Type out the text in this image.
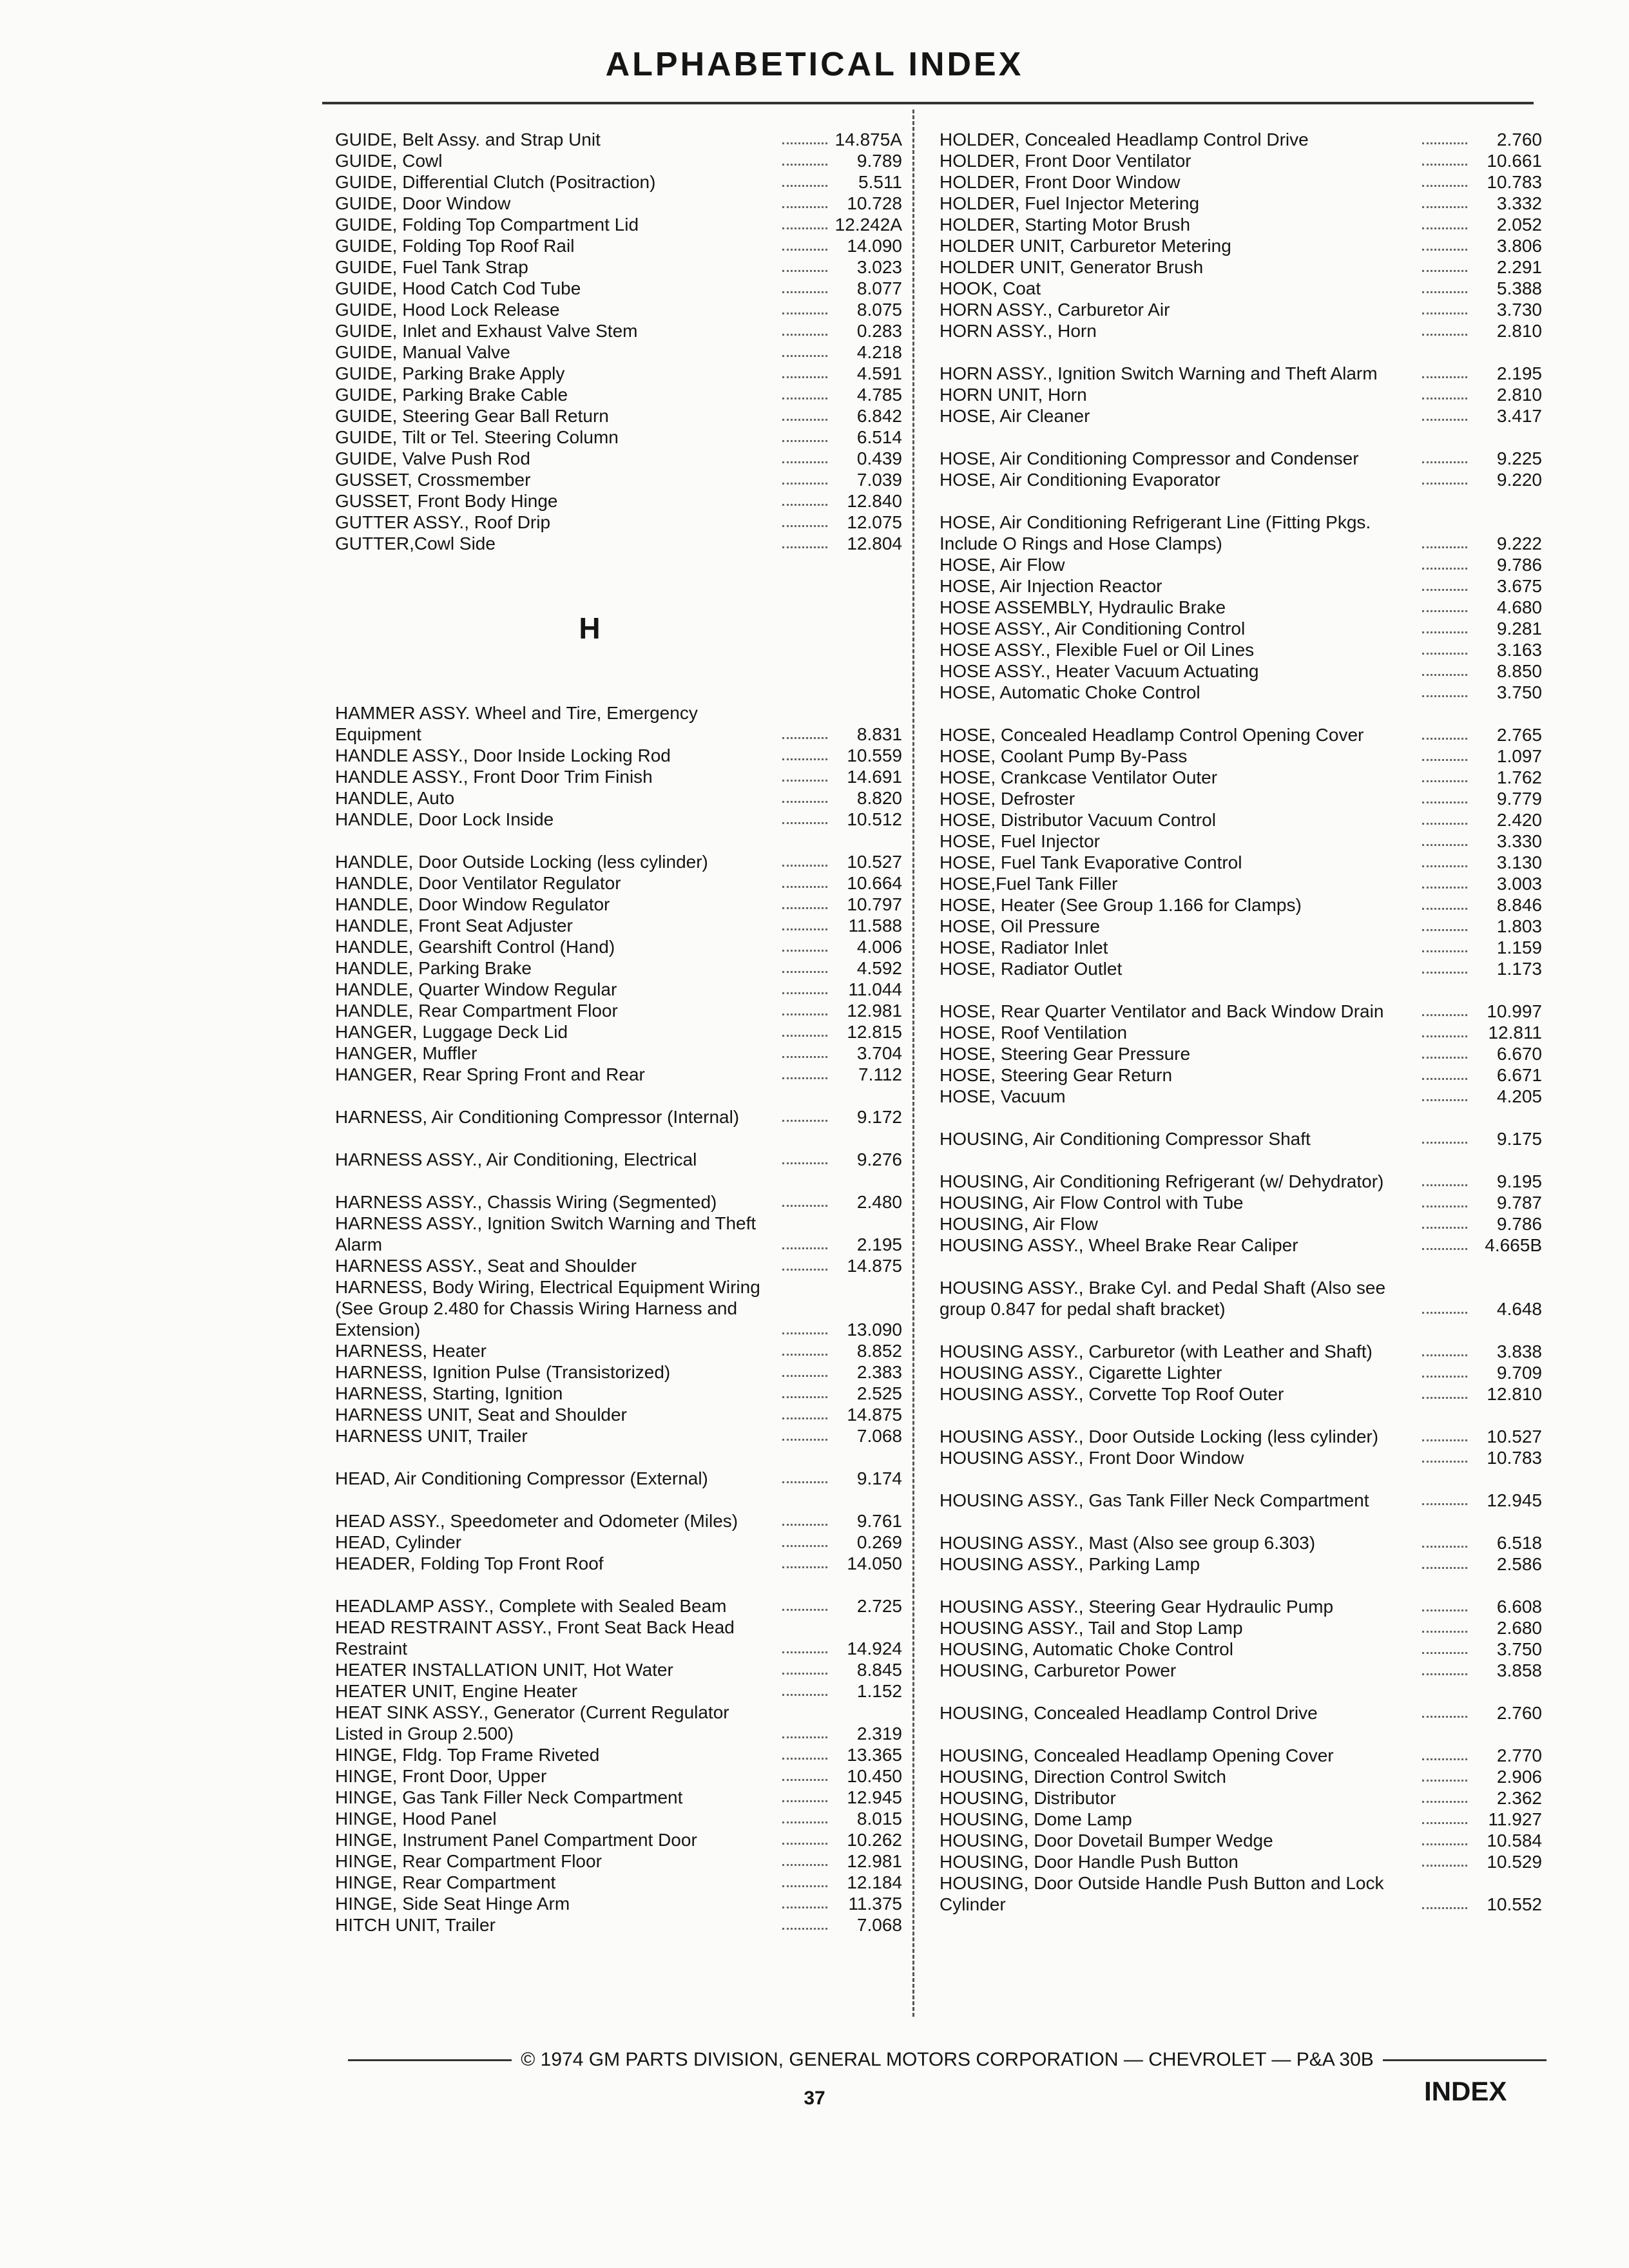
ALPHABETICAL INDEX
GUIDE, Belt Assy. and Strap Unit	14.875A
GUIDE, Cowl	9.789
GUIDE, Differential Clutch (Positraction)	5.511
GUIDE, Door Window	10.728
GUIDE, Folding Top Compartment Lid	12.242A
GUIDE, Folding Top Roof Rail	14.090
GUIDE, Fuel Tank Strap	3.023
GUIDE, Hood Catch Cod Tube	8.077
GUIDE, Hood Lock Release	8.075
GUIDE, Inlet and Exhaust Valve Stem	0.283
GUIDE, Manual Valve	4.218
GUIDE, Parking Brake Apply	4.591
GUIDE, Parking Brake Cable	4.785
GUIDE, Steering Gear Ball Return	6.842
GUIDE, Tilt or Tel. Steering Column	6.514
GUIDE, Valve Push Rod	0.439
GUSSET, Crossmember	7.039
GUSSET, Front Body Hinge	12.840
GUTTER ASSY., Roof Drip	12.075
GUTTER,Cowl Side	12.804
H
HAMMER ASSY. Wheel and Tire, Emergency Equipment	8.831
HANDLE ASSY., Door Inside Locking Rod	10.559
HANDLE ASSY., Front Door Trim Finish	14.691
HANDLE, Auto	8.820
HANDLE, Door Lock Inside	10.512
HANDLE, Door Outside Locking (less cylinder)	10.527
HANDLE, Door Ventilator Regulator	10.664
HANDLE, Door Window Regulator	10.797
HANDLE, Front Seat Adjuster	11.588
HANDLE, Gearshift Control (Hand)	4.006
HANDLE, Parking Brake	4.592
HANDLE, Quarter Window Regular	11.044
HANDLE, Rear Compartment Floor	12.981
HANGER, Luggage Deck Lid	12.815
HANGER, Muffler	3.704
HANGER, Rear Spring Front and Rear	7.112
HARNESS, Air Conditioning Compressor (Internal)	9.172
HARNESS ASSY., Air Conditioning, Electrical	9.276
HARNESS ASSY., Chassis Wiring (Segmented)	2.480
HARNESS ASSY., Ignition Switch Warning and Theft Alarm	2.195
HARNESS ASSY., Seat and Shoulder	14.875
HARNESS, Body Wiring, Electrical Equipment Wiring (See Group 2.480 for Chassis Wiring Harness and Extension)	13.090
HARNESS, Heater	8.852
HARNESS, Ignition Pulse (Transistorized)	2.383
HARNESS, Starting, Ignition	2.525
HARNESS UNIT, Seat and Shoulder	14.875
HARNESS UNIT, Trailer	7.068
HEAD, Air Conditioning Compressor (External)	9.174
HEAD ASSY., Speedometer and Odometer (Miles)	9.761
HEAD, Cylinder	0.269
HEADER, Folding Top Front Roof	14.050
HEADLAMP ASSY., Complete with Sealed Beam	2.725
HEAD RESTRAINT ASSY., Front Seat Back Head Restraint	14.924
HEATER INSTALLATION UNIT, Hot Water	8.845
HEATER UNIT, Engine Heater	1.152
HEAT SINK ASSY., Generator (Current Regulator Listed in Group 2.500)	2.319
HINGE, Fldg. Top Frame Riveted	13.365
HINGE, Front Door, Upper	10.450
HINGE, Gas Tank Filler Neck Compartment	12.945
HINGE, Hood Panel	8.015
HINGE, Instrument Panel Compartment Door	10.262
HINGE, Rear Compartment Floor	12.981
HINGE, Rear Compartment	12.184
HINGE, Side Seat Hinge Arm	11.375
HITCH UNIT, Trailer	7.068
HOLDER, Concealed Headlamp Control Drive	2.760
HOLDER, Front Door Ventilator	10.661
HOLDER, Front Door Window	10.783
HOLDER, Fuel Injector Metering	3.332
HOLDER, Starting Motor Brush	2.052
HOLDER UNIT, Carburetor Metering	3.806
HOLDER UNIT, Generator Brush	2.291
HOOK, Coat	5.388
HORN ASSY., Carburetor Air	3.730
HORN ASSY., Horn	2.810
HORN ASSY., Ignition Switch Warning and Theft Alarm	2.195
HORN UNIT, Horn	2.810
HOSE, Air Cleaner	3.417
HOSE, Air Conditioning Compressor and Condenser	9.225
HOSE, Air Conditioning Evaporator	9.220
HOSE, Air Conditioning Refrigerant Line (Fitting Pkgs. Include O Rings and Hose Clamps)	9.222
HOSE, Air Flow	9.786
HOSE, Air Injection Reactor	3.675
HOSE ASSEMBLY, Hydraulic Brake	4.680
HOSE ASSY., Air Conditioning Control	9.281
HOSE ASSY., Flexible Fuel or Oil Lines	3.163
HOSE ASSY., Heater Vacuum Actuating	8.850
HOSE, Automatic Choke Control	3.750
HOSE, Concealed Headlamp Control Opening Cover	2.765
HOSE, Coolant Pump By-Pass	1.097
HOSE, Crankcase Ventilator Outer	1.762
HOSE, Defroster	9.779
HOSE, Distributor Vacuum Control	2.420
HOSE, Fuel Injector	3.330
HOSE, Fuel Tank Evaporative Control	3.130
HOSE,Fuel Tank Filler	3.003
HOSE, Heater (See Group 1.166 for Clamps)	8.846
HOSE, Oil Pressure	1.803
HOSE, Radiator Inlet	1.159
HOSE, Radiator Outlet	1.173
HOSE, Rear Quarter Ventilator and Back Window Drain	10.997
HOSE, Roof Ventilation	12.811
HOSE, Steering Gear Pressure	6.670
HOSE, Steering Gear Return	6.671
HOSE, Vacuum	4.205
HOUSING, Air Conditioning Compressor Shaft	9.175
HOUSING, Air Conditioning Refrigerant (w/ Dehydrator)	9.195
HOUSING, Air Flow Control with Tube	9.787
HOUSING, Air Flow	9.786
HOUSING ASSY., Wheel Brake Rear Caliper	4.665B
HOUSING ASSY., Brake Cyl. and Pedal Shaft (Also see group 0.847 for pedal shaft bracket)	4.648
HOUSING ASSY., Carburetor (with Leather and Shaft)	3.838
HOUSING ASSY., Cigarette Lighter	9.709
HOUSING ASSY., Corvette Top Roof Outer	12.810
HOUSING ASSY., Door Outside Locking (less cylinder)	10.527
HOUSING ASSY., Front Door Window	10.783
HOUSING ASSY., Gas Tank Filler Neck Compartment	12.945
HOUSING ASSY., Mast (Also see group 6.303)	6.518
HOUSING ASSY., Parking Lamp	2.586
HOUSING ASSY., Steering Gear Hydraulic Pump	6.608
HOUSING ASSY., Tail and Stop Lamp	2.680
HOUSING, Automatic Choke Control	3.750
HOUSING, Carburetor Power	3.858
HOUSING, Concealed Headlamp Control Drive	2.760
HOUSING, Concealed Headlamp Opening Cover	2.770
HOUSING, Direction Control Switch	2.906
HOUSING, Distributor	2.362
HOUSING, Dome Lamp	11.927
HOUSING, Door Dovetail Bumper Wedge	10.584
HOUSING, Door Handle Push Button	10.529
HOUSING, Door Outside Handle Push Button and Lock Cylinder	10.552
© 1974 GM PARTS DIVISION, GENERAL MOTORS CORPORATION — CHEVROLET — P&A 30B
37	INDEX
